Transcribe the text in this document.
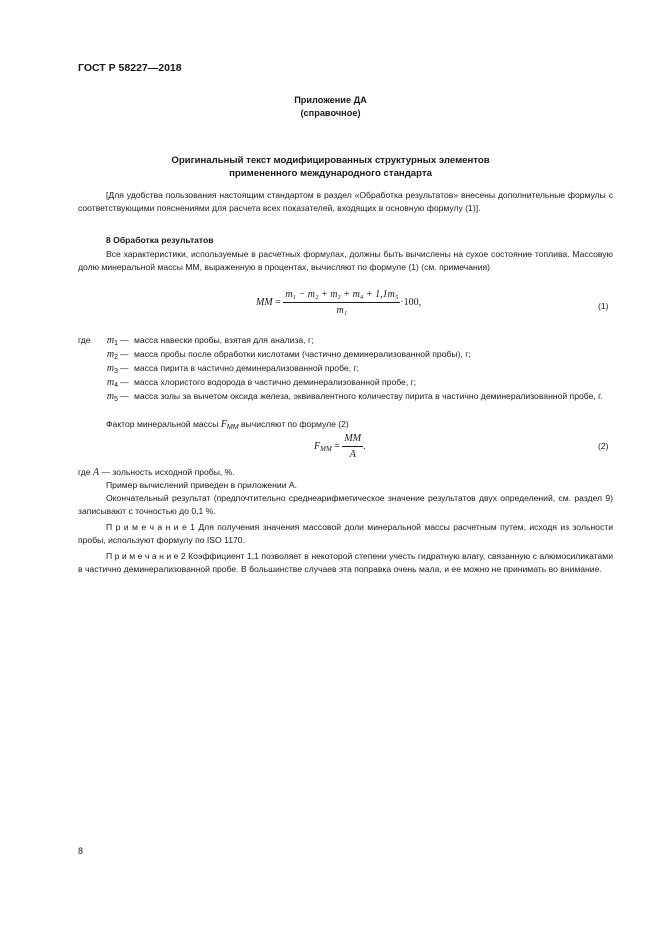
ГОСТ Р 58227—2018
Приложение ДА
(справочное)
Оригинальный текст модифицированных структурных элементов
примененного международного стандарта
[Для удобства пользования настоящим стандартом в раздел «Обработка результатов» внесены дополнительные формулы с соответствующими пояснениями для расчета всех показателей, входящих в основную формулу (1)].
8 Обработка результатов
Все характеристики, используемые в расчетных формулах, должны быть вычислены на сухое состояние топлива. Массовую долю минеральной массы ММ, выраженную в процентах, вычисляют по формуле (1) (см. примечания)
MM = $\frac{\text{m₁ − m₂ + m₃ + m₄ + 1,1m₅}}{\text{m₁}} \cdot 100$,	(1)
где	$m_1$ — масса навески пробы, взятая для анализа, г;
$m_2$ — масса пробы после обработки кислотами (частично деминерализованной пробы), г;
$m_3$ — масса пирита в частично деминерализованной пробе, г;
$m_4$ — масса хлористого водорода в частично деминерализованной пробе, г;
$m_5$ — масса золы за вычетом оксида железа, эквивалентного количеству пирита в частично деминерализованной пробе, г.
Фактор минеральной массы $F_{MM}$ вычисляют по формуле (2)
$F_{MM} = \frac{MM}{A}$ .	(2)
где A — зольность исходной пробы, %.
Пример вычислений приведен в приложении А.
Окончательный результат (предпочтительно среднеарифметическое значение результатов двух определений, см. раздел 9) записывают с точностью до 0,1 %.
П р и м е ч а н и е 1 Для получения значения массовой доли минеральной массы расчетным путем, исходя из зольности пробы, используют формулу по ISO 1170.
П р и м е ч а н и е 2 Коэффициент 1,1 позволяет в некоторой степени учесть гидратную влагу, связанную с алюмосиликатами в частично деминерализованной пробе. В большинстве случаев эта поправка очень мала, и ее можно не принимать во внимание.
8
